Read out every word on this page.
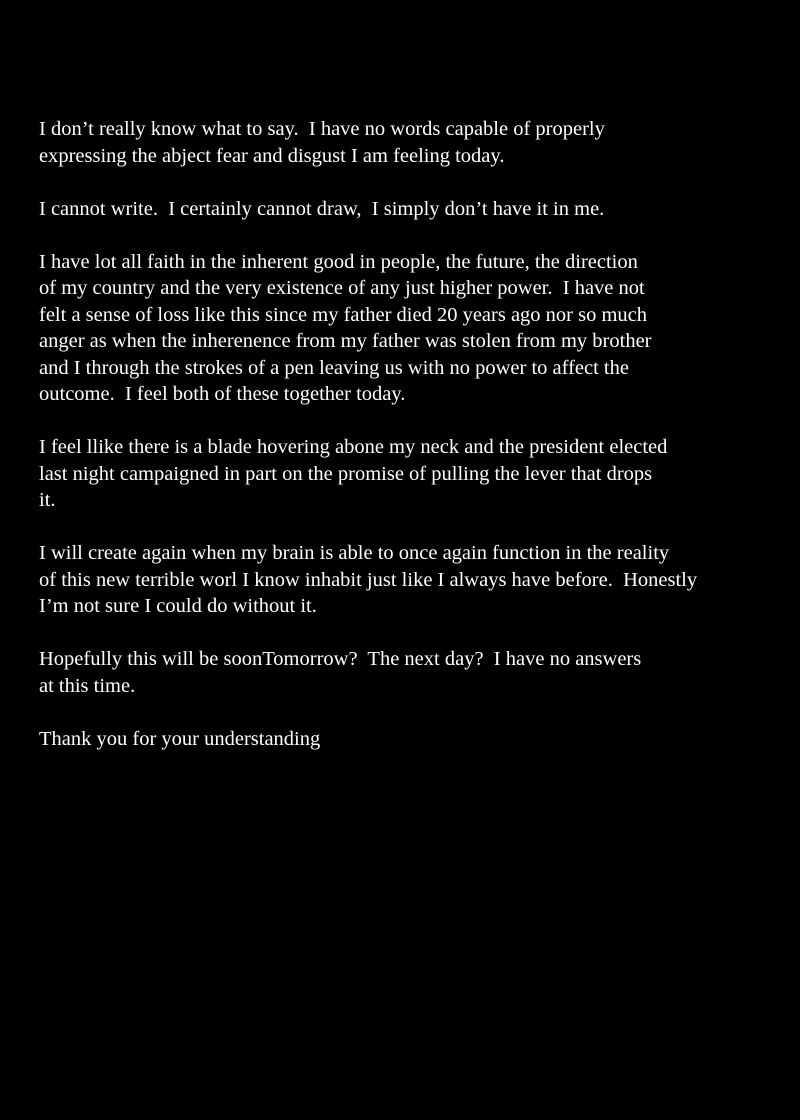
I don’t really know what to say.  I have no words capable of properly
expressing the abject fear and disgust I am feeling today.

I cannot write.  I certainly cannot draw,  I simply don’t have it in me.

I have lot all faith in the inherent good in people, the future, the direction
of my country and the very existence of any just higher power.  I have not
felt a sense of loss like this since my father died 20 years ago nor so much
anger as when the inherenence from my father was stolen from my brother
and I through the strokes of a pen leaving us with no power to affect the
outcome.  I feel both of these together today.

I feel llike there is a blade hovering abone my neck and the president elected
last night campaigned in part on the promise of pulling the lever that drops
it.

I will create again when my brain is able to once again function in the reality
of this new terrible worl I know inhabit just like I always have before.  Honestly
I’m not sure I could do without it.

Hopefully this will be soonTomorrow?  The next day?  I have no answers
at this time.

Thank you for your understanding
